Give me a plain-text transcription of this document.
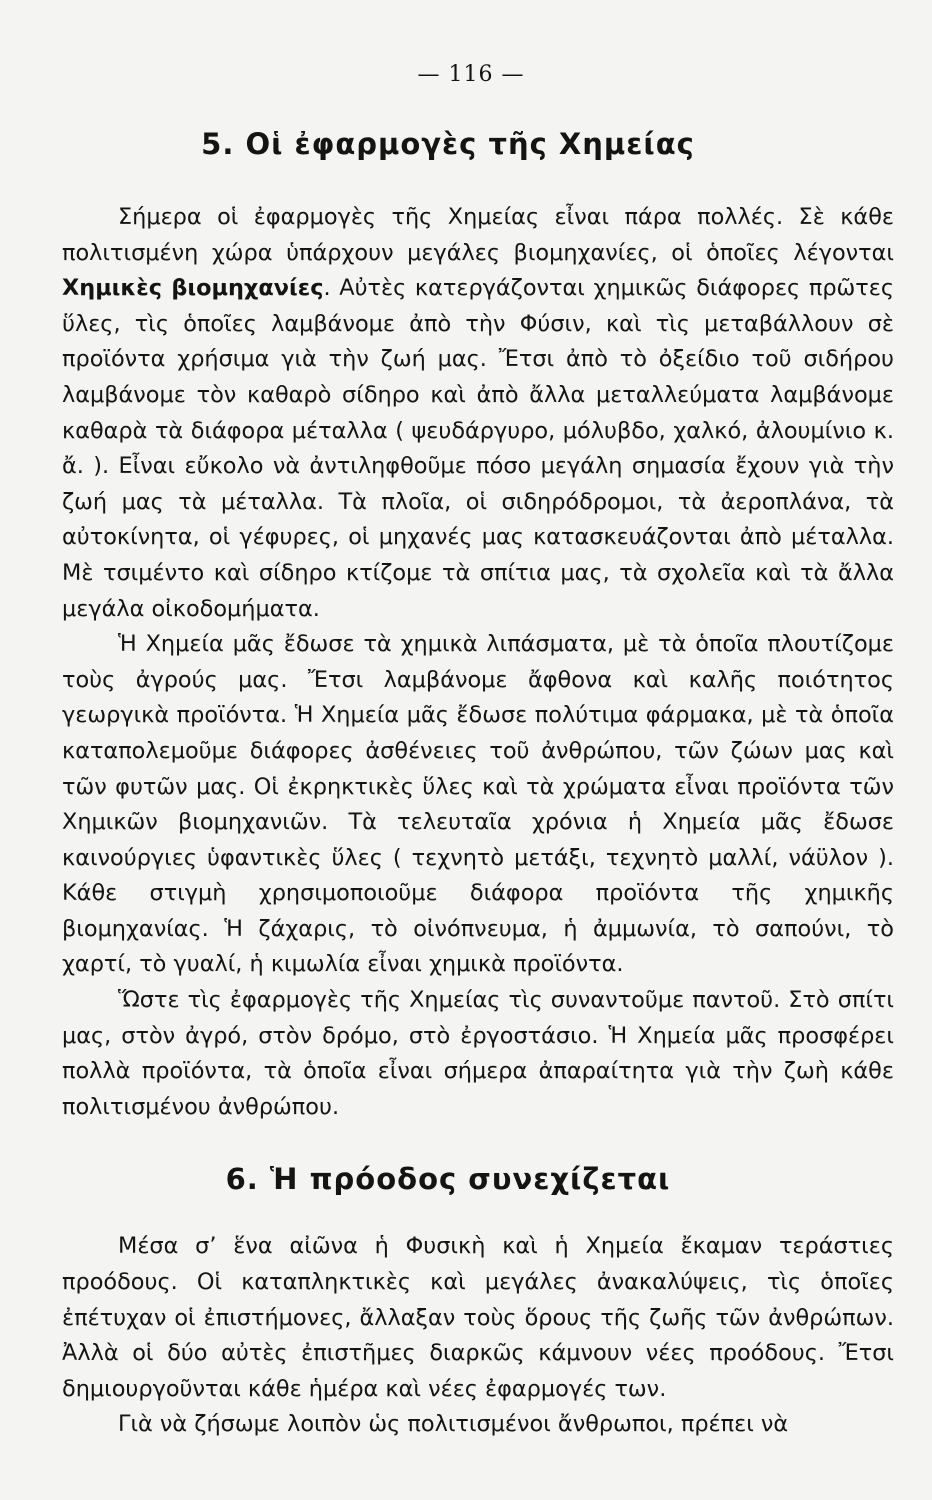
— 116 —
5. Οἱ ἐφαρμογὲς τῆς Χημείας

Σήμερα οἱ ἐφαρμογὲς τῆς Χημείας εἶναι πάρα πολλές. Σὲ κάθε πολιτισμένη χώρα ὑπάρχουν μεγάλες βιομηχανίες, οἱ ὁποῖες λέγονται Χημικὲς βιομηχανίες. Αὐτὲς κατεργάζονται χημικῶς διάφορες πρῶτες ὕλες, τὶς ὁποῖες λαμβάνομε ἀπὸ τὴν Φύσιν, καὶ τὶς μεταβάλλουν σὲ προϊόντα χρήσιμα γιὰ τὴν ζωή μας. Ἔτσι ἀπὸ τὸ ὀξείδιο τοῦ σιδήρου λαμβάνομε τὸν καθαρὸ σίδηρο καὶ ἀπὸ ἄλλα μεταλλεύματα λαμβάνομε καθαρὰ τὰ διάφορα μέταλλα ( ψευδάργυρο, μόλυβδο, χαλκό, ἀλουμίνιο κ. ἄ. ). Εἶναι εὔκολο νὰ ἀντιληφθοῦμε πόσο μεγάλη σημασία ἔχουν γιὰ τὴν ζωή μας τὰ μέταλλα. Τὰ πλοῖα, οἱ σιδηρόδρομοι, τὰ ἀεροπλάνα, τὰ αὐτοκίνητα, οἱ γέφυρες, οἱ μηχανές μας κατασκευάζονται ἀπὸ μέταλλα. Μὲ τσιμέντο καὶ σίδηρο κτίζομε τὰ σπίτια μας, τὰ σχολεῖα καὶ τὰ ἄλλα μεγάλα οἰκοδομήματα.

Ἡ Χημεία μᾶς ἔδωσε τὰ χημικὰ λιπάσματα, μὲ τὰ ὁποῖα πλουτίζομε τοὺς ἀγρούς μας. Ἔτσι λαμβάνομε ἄφθονα καὶ καλῆς ποιότητος γεωργικὰ προϊόντα. Ἡ Χημεία μᾶς ἔδωσε πολύτιμα φάρμακα, μὲ τὰ ὁποῖα καταπολεμοῦμε διάφορες ἀσθένειες τοῦ ἀνθρώπου, τῶν ζώων μας καὶ τῶν φυτῶν μας. Οἱ ἐκρηκτικὲς ὕλες καὶ τὰ χρώματα εἶναι προϊόντα τῶν Χημικῶν βιομηχανιῶν. Τὰ τελευταῖα χρόνια ἡ Χημεία μᾶς ἔδωσε καινούργιες ὑφαντικὲς ὕλες ( τεχνητὸ μετάξι, τεχνητὸ μαλλί, νάϋλον ). Κάθε στιγμὴ χρησιμοποιοῦμε διάφορα προϊόντα τῆς χημικῆς βιομηχανίας. Ἡ ζάχαρις, τὸ οἰνόπνευμα, ἡ ἀμμωνία, τὸ σαπούνι, τὸ χαρτί, τὸ γυαλί, ἡ κιμωλία εἶναι χημικὰ προϊόντα.

Ὥστε τὶς ἐφαρμογὲς τῆς Χημείας τὶς συναντοῦμε παντοῦ. Στὸ σπίτι μας, στὸν ἀγρό, στὸν δρόμο, στὸ ἐργοστάσιο. Ἡ Χημεία μᾶς προσφέρει πολλὰ προϊόντα, τὰ ὁποῖα εἶναι σήμερα ἀπαραίτητα γιὰ τὴν ζωὴ κάθε πολιτισμένου ἀνθρώπου.

6. Ἡ πρόοδος συνεχίζεται

Μέσα σ’ ἕνα αἰῶνα ἡ Φυσικὴ καὶ ἡ Χημεία ἔκαμαν τεράστιες προόδους. Οἱ καταπληκτικὲς καὶ μεγάλες ἀνακαλύψεις, τὶς ὁποῖες ἐπέτυχαν οἱ ἐπιστήμονες, ἄλλαξαν τοὺς ὅρους τῆς ζωῆς τῶν ἀνθρώπων. Ἀλλὰ οἱ δύο αὐτὲς ἐπιστῆμες διαρκῶς κάμνουν νέες προόδους. Ἔτσι δημιουργοῦνται κάθε ἡμέρα καὶ νέες ἐφαρμογές των.

Γιὰ νὰ ζήσωμε λοιπὸν ὡς πολιτισμένοι ἄνθρωποι, πρέπει νὰ
